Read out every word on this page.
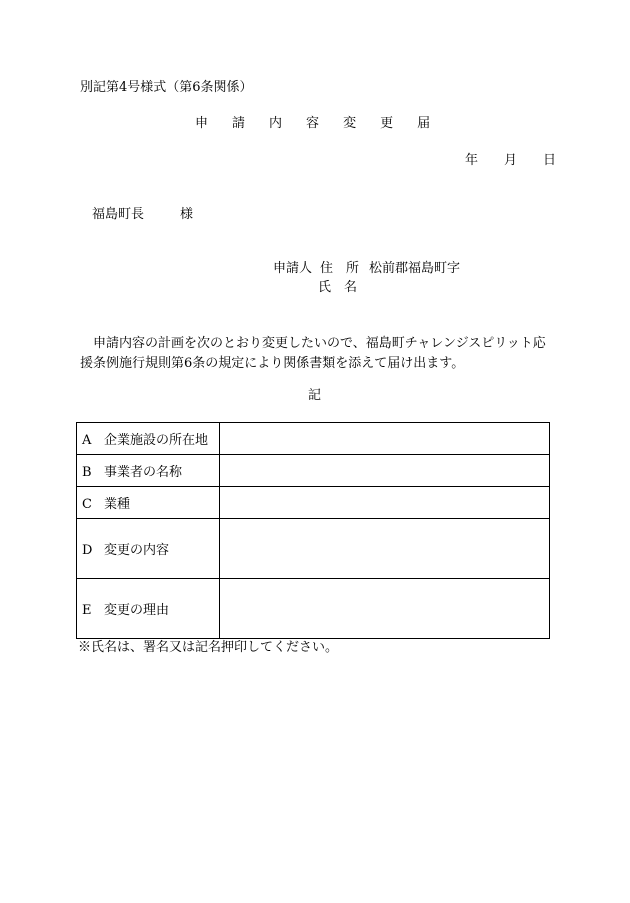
別記第4号様式（第6条関係）
申 請 内 容 変 更 届
年 月 日
福島町長	様
申請人 住　所 松前郡福島町字
氏　名
申請内容の計画を次のとおり変更したいので、福島町チャレンジスピリット応援条例施行規則第6条の規定により関係書類を添えて届け出ます。
記
A 企業施設の所在地	
B 事業者の名称	
C 業種	
D 変更の内容	
E 変更の理由	
※氏名は、署名又は記名押印してください。
